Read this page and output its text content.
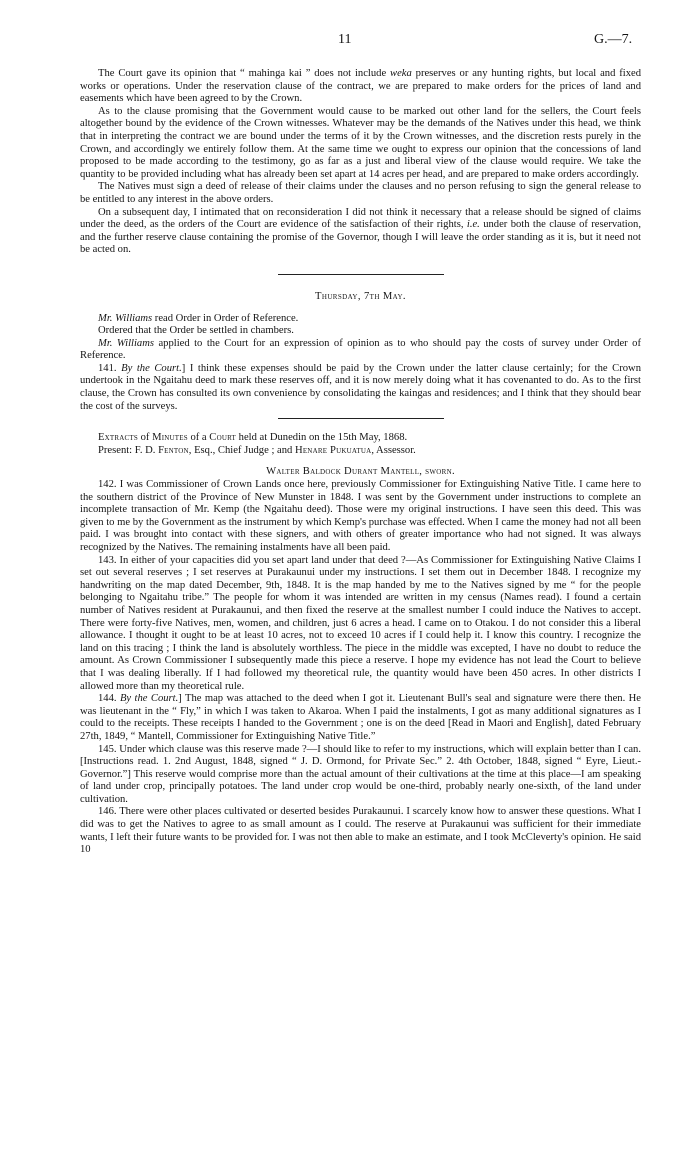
11	G.—7.

The Court gave its opinion that “ mahinga kai ” does not include weka preserves or any hunting rights, but local and fixed works or operations. Under the reservation clause of the contract, we are prepared to make orders for the prices of land and easements which have been agreed to by the Crown.

As to the clause promising that the Government would cause to be marked out other land for the sellers, the Court feels altogether bound by the evidence of the Crown witnesses. Whatever may be the demands of the Natives under this head, we think that in interpreting the contract we are bound under the terms of it by the Crown witnesses, and the discretion rests purely in the Crown, and accordingly we entirely follow them. At the same time we ought to express our opinion that the concessions of land proposed to be made according to the testimony, go as far as a just and liberal view of the clause would require. We take the quantity to be provided including what has already been set apart at 14 acres per head, and are prepared to make orders accordingly.

The Natives must sign a deed of release of their claims under the clauses and no person refusing to sign the general release to be entitled to any interest in the above orders.

On a subsequent day, I intimated that on reconsideration I did not think it necessary that a release should be signed of claims under the deed, as the orders of the Court are evidence of the satisfaction of their rights, i.e. under both the clause of reservation, and the further reserve clause containing the promise of the Governor, though I will leave the order standing as it is, but it need not be acted on.

Thursday, 7th May.

Mr. Williams read Order in Order of Reference.

Ordered that the Order be settled in chambers.

Mr. Williams applied to the Court for an expression of opinion as to who should pay the costs of survey under Order of Reference.

141. By the Court.] I think these expenses should be paid by the Crown under the latter clause certainly; for the Crown undertook in the Ngaitahu deed to mark these reserves off, and it is now merely doing what it has covenanted to do. As to the first clause, the Crown has consulted its own convenience by consolidating the kaingas and residences; and I think that they should bear the cost of the surveys.

Extracts of Minutes of a Court held at Dunedin on the 15th May, 1868.

Present: F. D. Fenton, Esq., Chief Judge ; and Henare Pukuatua, Assessor.

Walter Baldock Durant Mantell, sworn.

142. I was Commissioner of Crown Lands once here, previously Commissioner for Extinguishing Native Title. I came here to the southern district of the Province of New Munster in 1848. I was sent by the Government under instructions to complete an incomplete transaction of Mr. Kemp (the Ngaitahu deed). Those were my original instructions. I have seen this deed. This was given to me by the Government as the instrument by which Kemp's purchase was effected. When I came the money had not all been paid. I was brought into contact with these signers, and with others of greater importance who had not signed. It was always recognized by the Natives. The remaining instalments have all been paid.

143. In either of your capacities did you set apart land under that deed ?—As Commissioner for Extinguishing Native Claims I set out several reserves ; I set reserves at Purakaunui under my instructions. I set them out in December 1848. I recognize my handwriting on the map dated December, 9th, 1848. It is the map handed by me to the Natives signed by me “ for the people belonging to Ngaitahu tribe.” The people for whom it was intended are written in my census (Names read). I found a certain number of Natives resident at Purakaunui, and then fixed the reserve at the smallest number I could induce the Natives to accept. There were forty-five Natives, men, women, and children, just 6 acres a head. I came on to Otakou. I do not consider this a liberal allowance. I thought it ought to be at least 10 acres, not to exceed 10 acres if I could help it. I know this country. I recognize the land on this tracing ; I think the land is absolutely worthless. The piece in the middle was excepted, I have no doubt to reduce the amount. As Crown Commissioner I subsequently made this piece a reserve. I hope my evidence has not lead the Court to believe that I was dealing liberally. If I had followed my theoretical rule, the quantity would have been 450 acres. In other districts I allowed more than my theoretical rule.

144. By the Court.] The map was attached to the deed when I got it. Lieutenant Bull's seal and signature were there then. He was lieutenant in the “ Fly,” in which I was taken to Akaroa. When I paid the instalments, I got as many additional signatures as I could to the receipts. These receipts I handed to the Government ; one is on the deed [Read in Maori and English], dated February 27th, 1849, “ Mantell, Commissioner for Extinguishing Native Title.”

145. Under which clause was this reserve made ?—I should like to refer to my instructions, which will explain better than I can. [Instructions read. 1. 2nd August, 1848, signed “ J. D. Ormond, for Private Sec.” 2. 4th October, 1848, signed “ Eyre, Lieut.-Governor.”] This reserve would comprise more than the actual amount of their cultivations at the time at this place—I am speaking of land under crop, principally potatoes. The land under crop would be one-third, probably nearly one-sixth, of the land under cultivation.

146. There were other places cultivated or deserted besides Purakaunui. I scarcely know how to answer these questions. What I did was to get the Natives to agree to as small amount as I could. The reserve at Purakaunui was sufficient for their immediate wants, I left their future wants to be provided for. I was not then able to make an estimate, and I took McCleverty's opinion. He said 10
